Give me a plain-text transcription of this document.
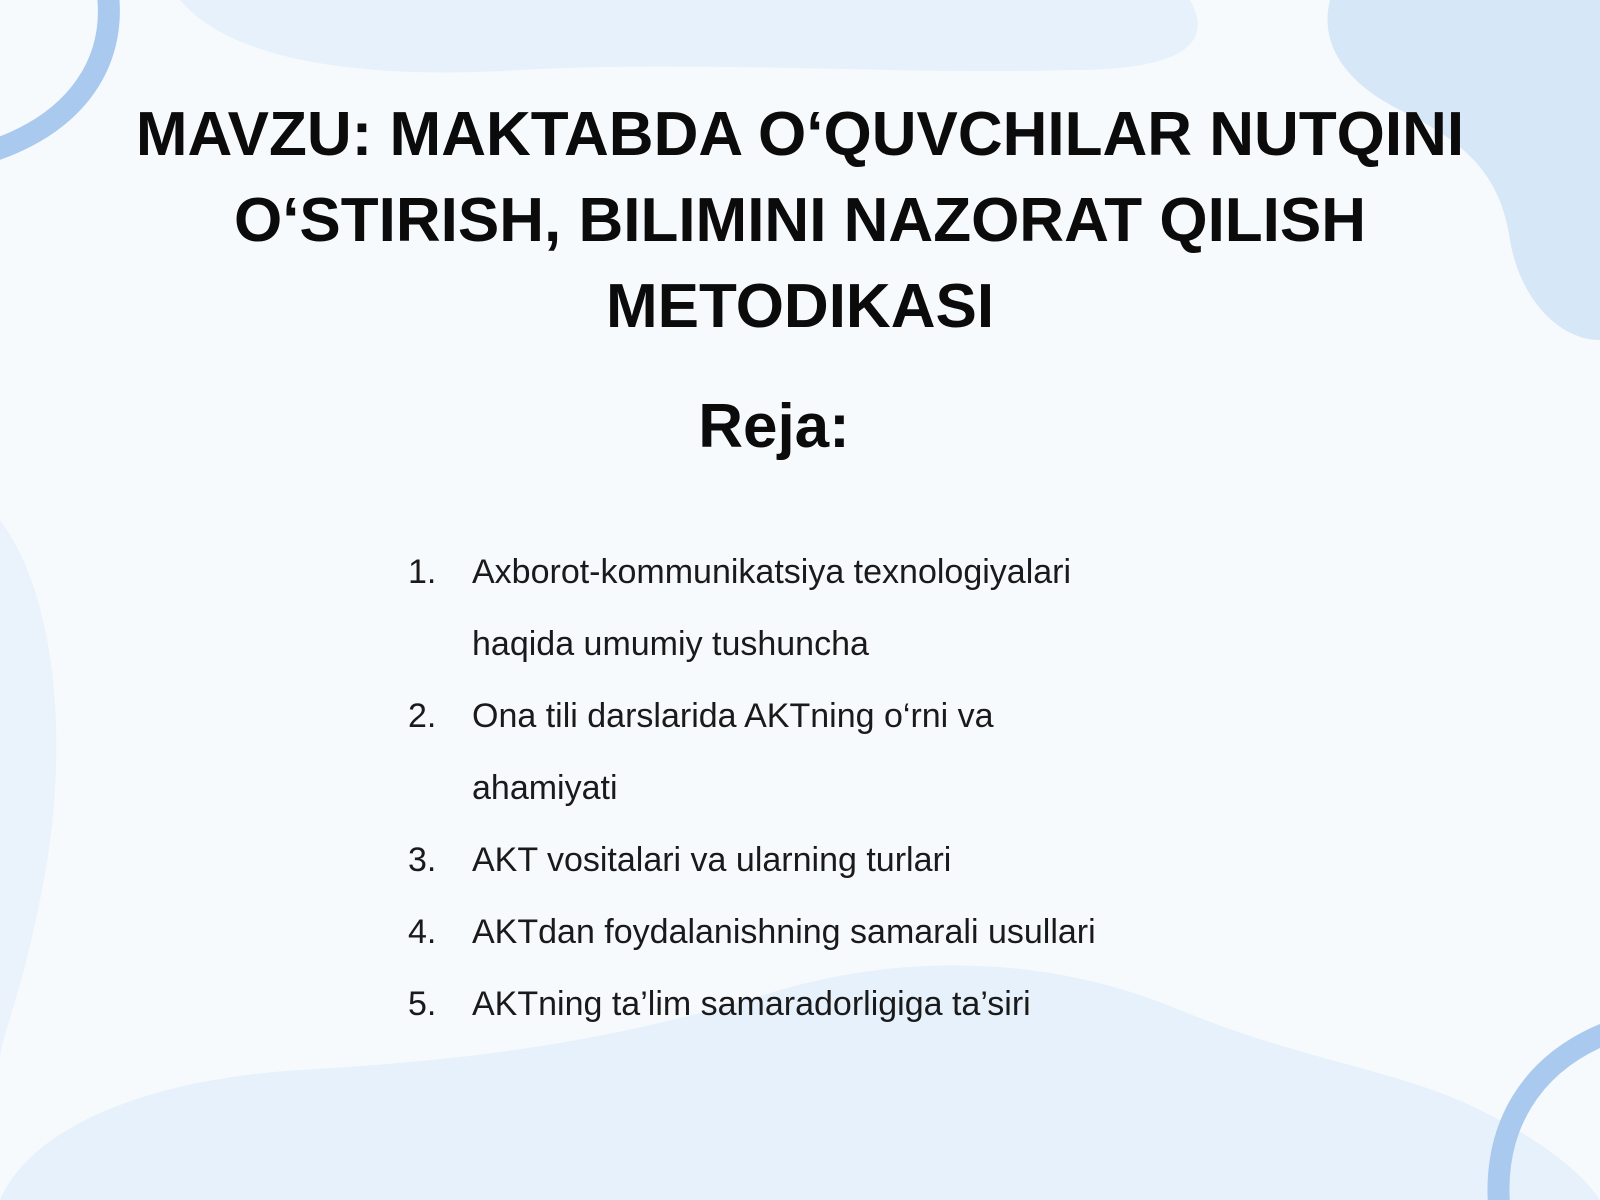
MAVZU: MAKTABDA O‘QUVCHILAR NUTQINI O‘STIRISH, BILIMINI NAZORAT QILISH METODIKASI
Reja:
1.	Axborot-kommunikatsiya texnologiyalari haqida umumiy tushuncha
2.	Ona tili darslarida AKTning o‘rni va ahamiyati
3.	AKT vositalari va ularning turlari
4.	AKTdan foydalanishning samarali usullari
5.	AKTning ta’lim samaradorligiga ta’siri
